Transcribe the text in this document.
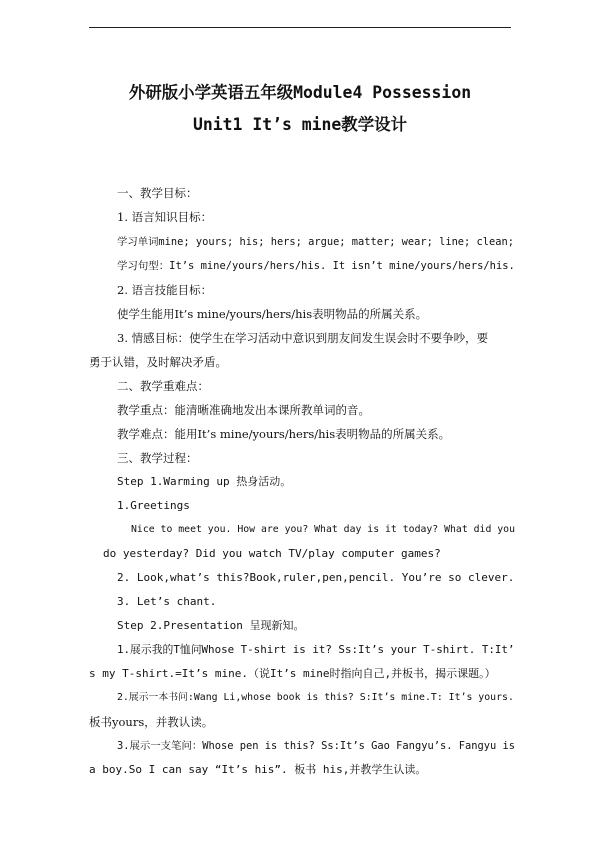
外研版小学英语五年级Module4 Possession
Unit1 It’s mine教学设计
一、教学目标：
1. 语言知识目标：
学习单词mine; yours; his; hers; argue; matter; wear; line; clean;
学习句型：It’s mine/yours/hers/his. It isn’t mine/yours/hers/his.
2. 语言技能目标：
使学生能用It’s mine/yours/hers/his表明物品的所属关系。
3. 情感目标：使学生在学习活动中意识到朋友间发生误会时不要争吵，要
勇于认错，及时解决矛盾。
二、教学重难点：
教学重点：能清晰准确地发出本课所教单词的音。
教学难点：能用It’s mine/yours/hers/his表明物品的所属关系。
三、教学过程：
Step 1.Warming up 热身活动。
1.Greetings
Nice to meet you. How are you? What day is it today? What did you
do yesterday? Did you watch TV/play computer games?
2. Look,what’s this?Book,ruler,pen,pencil. You’re so clever.
3. Let’s chant.
Step 2.Presentation 呈现新知。
1.展示我的T恤问Whose T-shirt is it? Ss:It’s your T-shirt. T:It’
s my T-shirt.=It’s mine.（说It’s mine时指向自己,并板书，揭示课题。）
2.展示一本书问:Wang Li,whose book is this? S:It’s mine.T: It’s yours.
板书yours，并教认读。
3.展示一支笔问：Whose pen is this? Ss:It’s Gao Fangyu’s. Fangyu is
a boy.So I can say “It’s his”. 板书 his,并教学生认读。
